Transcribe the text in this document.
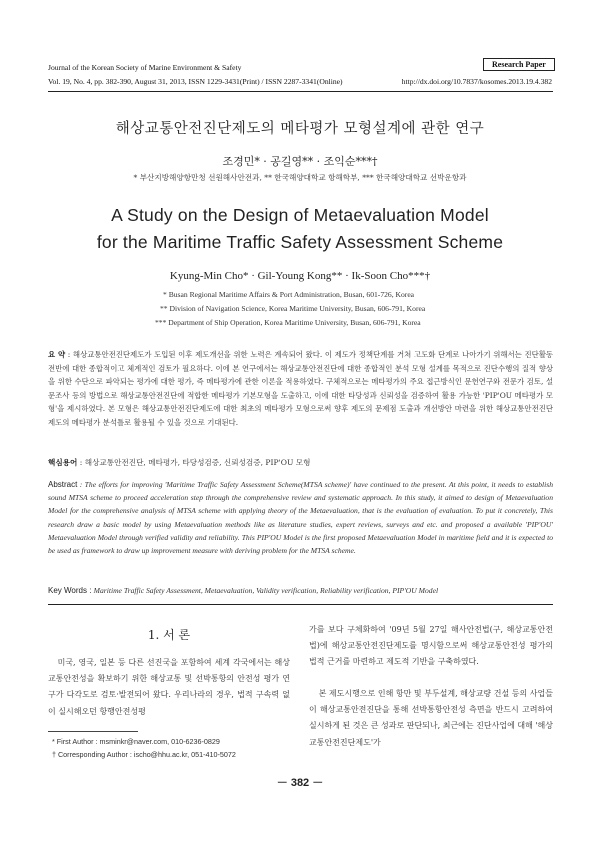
Journal of the Korean Society of Marine Environment & Safety	Research Paper
Vol. 19, No. 4, pp. 382-390, August 31, 2013, ISSN 1229-3431(Print) / ISSN 2287-3341(Online)	http://dx.doi.org/10.7837/kosomes.2013.19.4.382
해상교통안전진단제도의 메타평가 모형설계에 관한 연구
조경민* · 공길영** · 조익순***†
* 부산지방해양항만청 선원해사안전과, ** 한국해양대학교 항해학부, *** 한국해양대학교 선박운항과
A Study on the Design of Metaevaluation Model
for the Maritime Traffic Safety Assessment Scheme
Kyung-Min Cho* · Gil-Young Kong** · Ik-Soon Cho***†
* Busan Regional Maritime Affairs & Port Administration, Busan, 601-726, Korea
** Division of Navigation Science, Korea Maritime University, Busan, 606-791, Korea
*** Department of Ship Operation, Korea Maritime University, Busan, 606-791, Korea
요 약 : 해상교통안전진단제도가 도입된 이후 제도개선을 위한 노력은 계속되어 왔다. 이 제도가 정책단계를 거쳐 고도화 단계로 나아가기 위해서는 진단활동 전반에 대한 종합적이고 체계적인 검토가 필요하다. 이에 본 연구에서는 해상교통안전진단에 대한 종합적인 분석 모형 설계를 목적으로 진단수행의 질적 향상을 위한 수단으로 파악되는 평가에 대한 평가, 즉 메타평가에 관한 이론을 적용하였다. 구체적으로는 메타평가의 주요 접근방식인 문헌연구와 전문가 검토, 설문조사 등의 방법으로 해상교통안전진단에 적합한 메타평가 기본모형을 도출하고, 이에 대한 타당성과 신뢰성을 검증하여 활용 가능한 'PIP'OU 메타평가 모형'을 제시하였다. 본 모형은 해상교통안전진단제도에 대한 최초의 메타평가 모형으로써 향후 제도의 문제점 도출과 개선방안 마련을 위한 해상교통안전진단제도의 메타평가 분석틀로 활용될 수 있을 것으로 기대된다.
핵심용어 : 해상교통안전진단, 메타평가, 타당성검증, 신뢰성검증, PIP'OU 모형
Abstract : The efforts for improving 'Maritime Traffic Safety Assessment Scheme(MTSA scheme)' have continued to the present. At this point, it needs to establish sound MTSA scheme to proceed acceleration step through the comprehensive review and systematic approach. In this study, it aimed to design of Metaevaluation Model for the comprehensive analysis of MTSA scheme with applying theory of the Metaevaluation, that is the evaluation of evaluation. To put it concretely, This research draw a basic model by using Metaevaluation methods like as literature studies, expert reviews, surveys and etc. and proposed a available 'PIP'OU' Metaevaluation Model through verified validity and reliability. This PIP'OU Model is the first proposed Metaevaluation Model in maritime field and it is expected to be used as framework to draw up improvement measure with deriving problem for the MTSA scheme.
Key Words : Maritime Traffic Safety Assessment, Metaevaluation, Validity verification, Reliability verification, PIP'OU Model
1. 서 론
미국, 영국, 일본 등 다른 선진국을 포함하여 세계 각국에서는 해상교통안전성을 확보하기 위한 해상교통 및 선박통항의 안전성 평가 연구가 다각도로 검토·발전되어 왔다. 우리나라의 경우, 법적 구속력 없이 실시해오던 항행안전성평
* First Author : msminkr@naver.com, 010-6236-0829
† Corresponding Author : ischo@hhu.ac.kr, 051-410-5072
가를 보다 구체화하여 '09년 5월 27일 해사안전법(구, 해상교통안전법)에 해상교통안전진단제도를 명시함으로써 해상교통안전성 평가의 법적 근거를 마련하고 제도적 기반을 구축하였다.
본 제도시행으로 인해 항만 및 부두설계, 해상교량 건설 등의 사업들이 해상교통안전진단을 통해 선박통항안전성 측면을 반드시 고려하여 실시하게 된 것은 큰 성과로 판단되나, 최근에는 진단사업에 대해 '해상교통안전진단제도'가
－ 382 －
